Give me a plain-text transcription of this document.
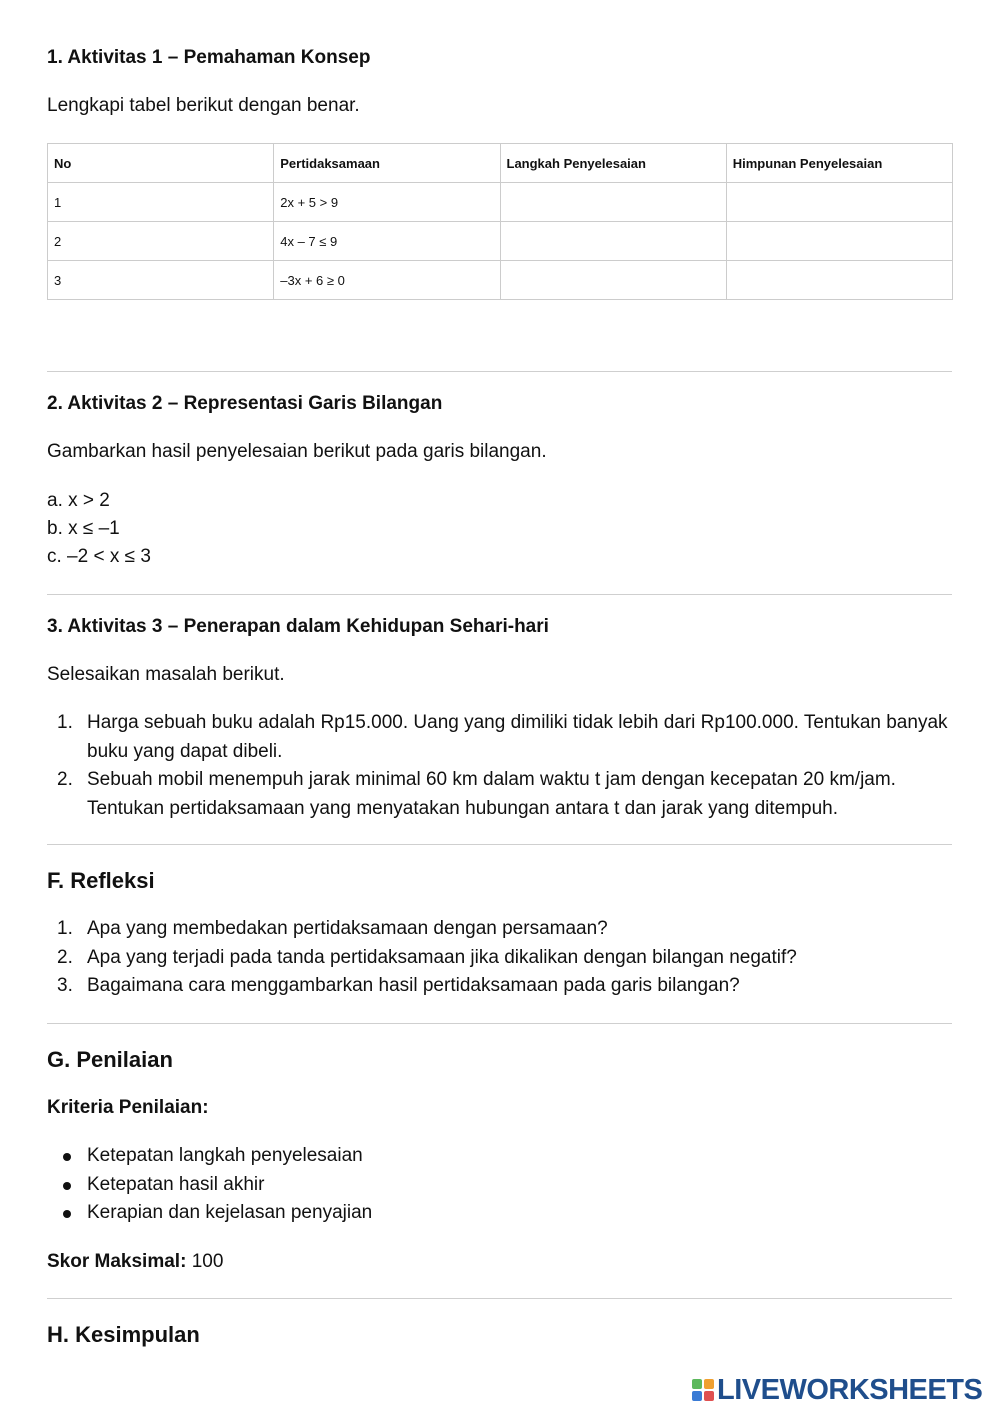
1. Aktivitas 1 – Pemahaman Konsep

Lengkapi tabel berikut dengan benar.

No	Pertidaksamaan	Langkah Penyelesaian	Himpunan Penyelesaian
1	2x + 5 > 9		
2	4x – 7 ≤ 9		
3	–3x + 6 ≥ 0		
2. Aktivitas 2 – Representasi Garis Bilangan

Gambarkan hasil penyelesaian berikut pada garis bilangan.

a. x > 2

b. x ≤ –1

c. –2 < x ≤ 3

3. Aktivitas 3 – Penerapan dalam Kehidupan Sehari-hari

Selesaikan masalah berikut.

1. Harga sebuah buku adalah Rp15.000. Uang yang dimiliki tidak lebih dari Rp100.000. Tentukan banyak buku yang dapat dibeli.
2. Sebuah mobil menempuh jarak minimal 60 km dalam waktu t jam dengan kecepatan 20 km/jam. Tentukan pertidaksamaan yang menyatakan hubungan antara t dan jarak yang ditempuh.
F. Refleksi
1. Apa yang membedakan pertidaksamaan dengan persamaan?
2. Apa yang terjadi pada tanda pertidaksamaan jika dikalikan dengan bilangan negatif?
3. Bagaimana cara menggambarkan hasil pertidaksamaan pada garis bilangan?
G. Penilaian

Kriteria Penilaian:

Ketepatan langkah penyelesaian
Ketepatan hasil akhir
Kerapian dan kejelasan penyajian

Skor Maksimal: 100

H. Kesimpulan
LIVEWORKSHEETS
